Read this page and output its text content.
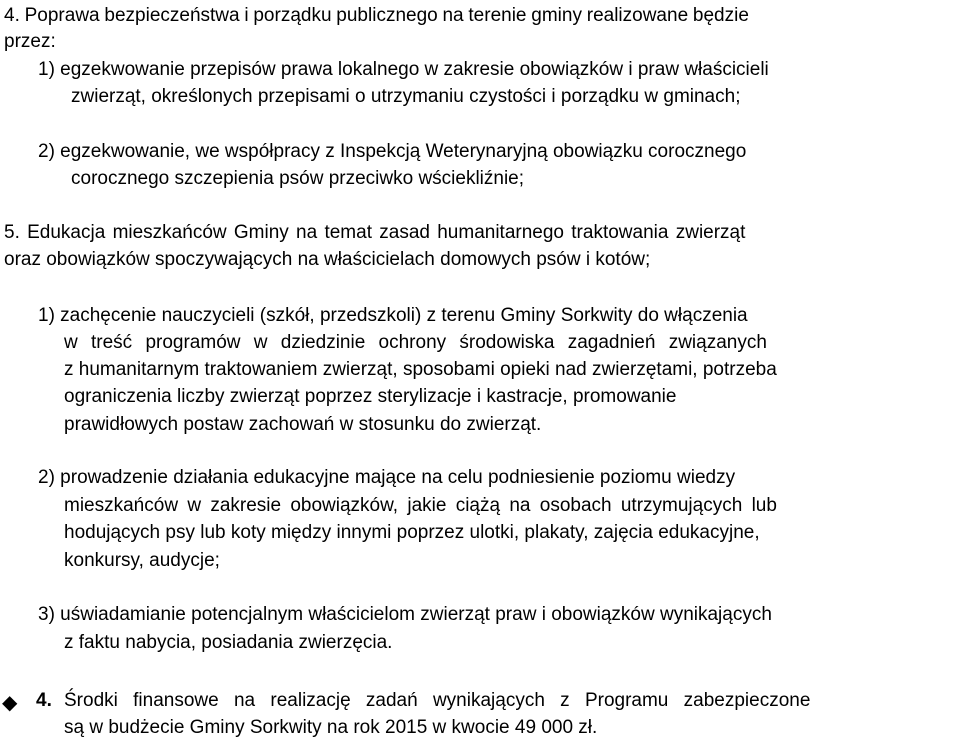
4. Poprawa bezpieczeństwa i porządku publicznego na terenie gminy realizowane będzie
przez:
1) egzekwowanie przepisów prawa lokalnego w zakresie obowiązków i praw właścicieli
zwierząt, określonych przepisami o utrzymaniu czystości i porządku w gminach;
2) egzekwowanie, we współpracy z Inspekcją Weterynaryjną obowiązku corocznego
corocznego szczepienia psów przeciwko wściekliźnie;
5. Edukacja mieszkańców Gminy na temat zasad humanitarnego traktowania zwierząt
oraz obowiązków spoczywających na właścicielach domowych psów i kotów;
1) zachęcenie nauczycieli (szkół, przedszkoli) z terenu Gminy Sorkwity do włączenia
w treść programów w dziedzinie ochrony środowiska zagadnień związanych
z humanitarnym traktowaniem zwierząt, sposobami opieki nad zwierzętami, potrzeba
ograniczenia liczby zwierząt poprzez sterylizacje i kastracje, promowanie
prawidłowych postaw zachowań w stosunku do zwierząt.
2) prowadzenie działania edukacyjne mające na celu podniesienie poziomu wiedzy
mieszkańców w zakresie obowiązków, jakie ciążą na osobach utrzymujących lub
hodujących psy lub koty między innymi poprzez ulotki, plakaty, zajęcia edukacyjne,
konkursy, audycje;
3) uświadamianie potencjalnym właścicielom zwierząt praw i obowiązków wynikających
z faktu nabycia, posiadania zwierzęcia.
◆ 4. Środki finansowe na realizację zadań wynikających z Programu zabezpieczone
są w budżecie Gminy Sorkwity na rok 2015 w kwocie 49 000 zł.
